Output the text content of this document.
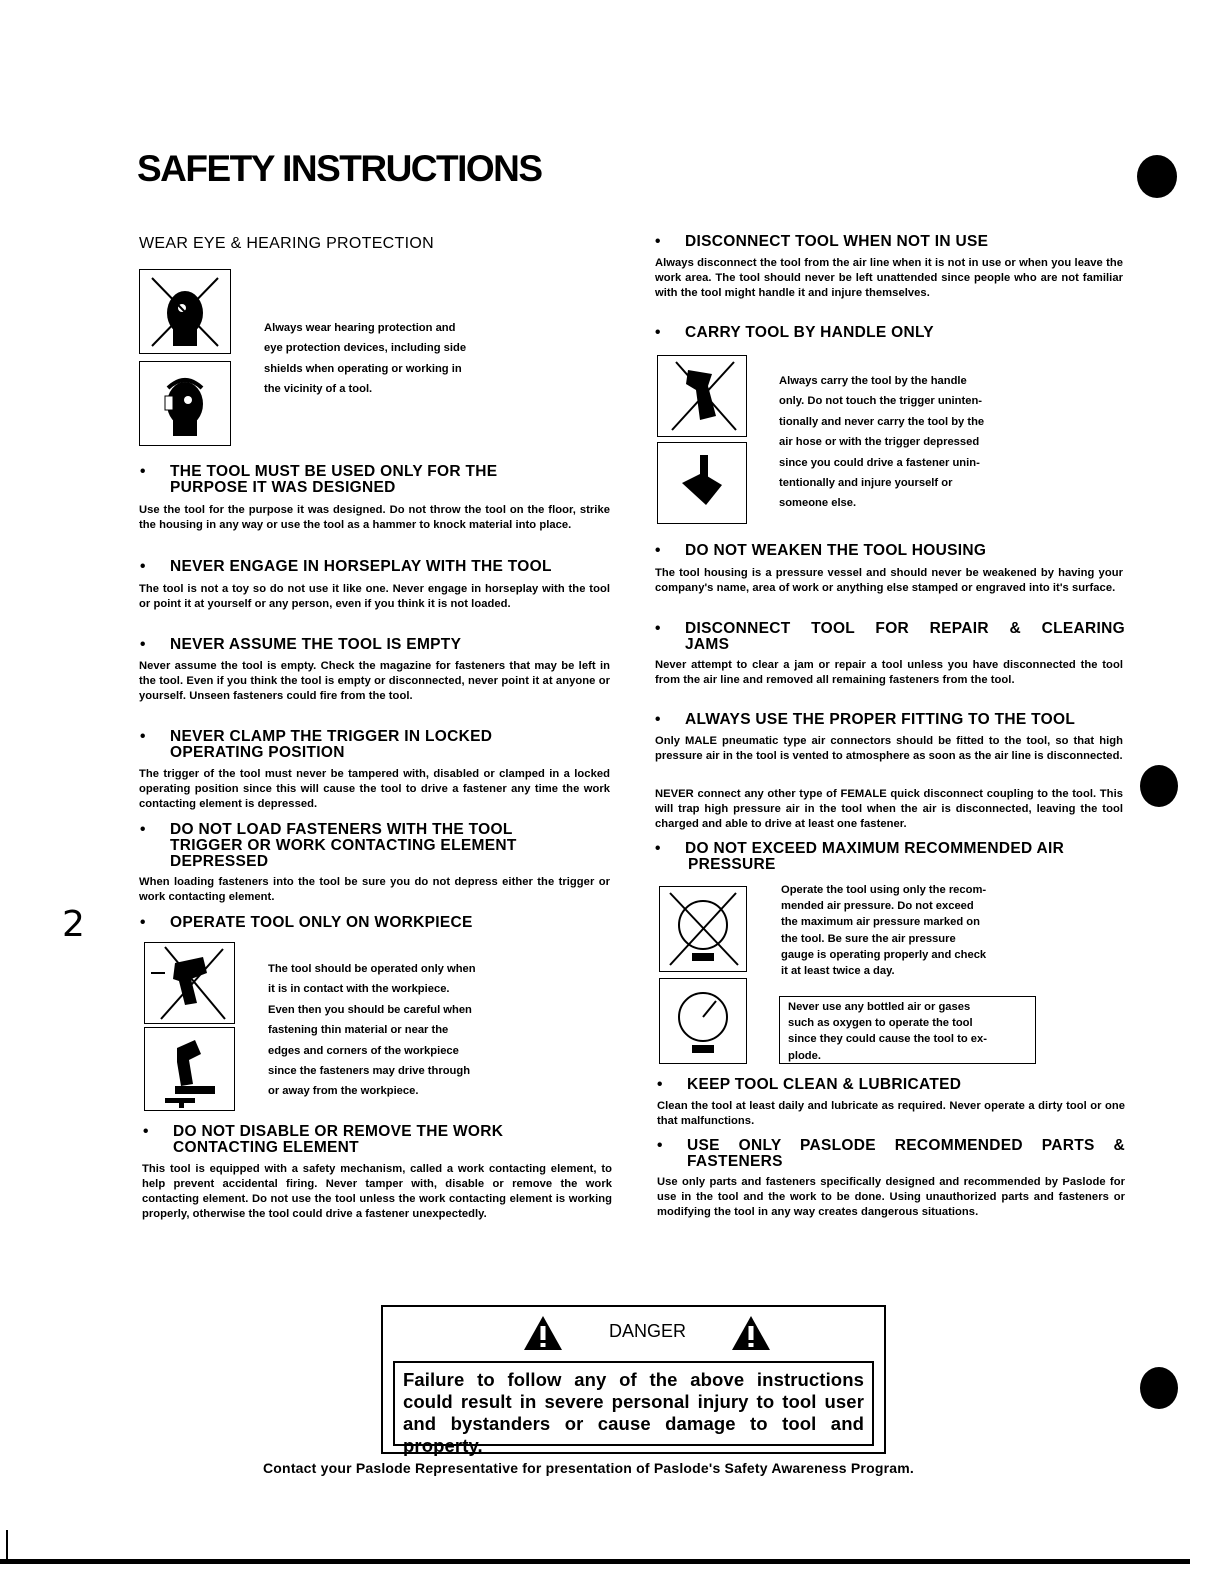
SAFETY INSTRUCTIONS
2
WEAR EYE & HEARING PROTECTION
Always wear hearing protection and
eye protection devices, including side
shields when operating or working in
the vicinity of a tool.
• THE TOOL MUST BE USED ONLY FOR THE
PURPOSE IT WAS DESIGNED
Use the tool for the purpose it was designed. Do not throw the tool on the floor, strike the housing in any way or use the tool as a hammer to knock material into place.
• NEVER ENGAGE IN HORSEPLAY WITH THE TOOL
The tool is not a toy so do not use it like one. Never engage in horseplay with the tool or point it at yourself or any person, even if you think it is not loaded.
• NEVER ASSUME THE TOOL IS EMPTY
Never assume the tool is empty. Check the magazine for fasteners that may be left in the tool. Even if you think the tool is empty or disconnected, never point it at anyone or yourself. Unseen fasteners could fire from the tool.
• NEVER CLAMP THE TRIGGER IN LOCKED
OPERATING POSITION
The trigger of the tool must never be tampered with, disabled or clamped in a locked operating position since this will cause the tool to drive a fastener any time the work contacting element is depressed.
• DO NOT LOAD FASTENERS WITH THE TOOL
TRIGGER OR WORK CONTACTING ELEMENT
DEPRESSED
When loading fasteners into the tool be sure you do not depress either the trigger or work contacting element.
• OPERATE TOOL ONLY ON WORKPIECE
The tool should be operated only when
it is in contact with the workpiece.
Even then you should be careful when
fastening thin material or near the
edges and corners of the workpiece
since the fasteners may drive through
or away from the workpiece.
• DO NOT DISABLE OR REMOVE THE WORK
CONTACTING ELEMENT
This tool is equipped with a safety mechanism, called a work contacting element, to help prevent accidental firing. Never tamper with, disable or remove the work contacting element. Do not use the tool unless the work contacting element is working properly, otherwise the tool could drive a fastener unexpectedly.
• DISCONNECT TOOL WHEN NOT IN USE
Always disconnect the tool from the air line when it is not in use or when you leave the work area. The tool should never be left unattended since people who are not familiar with the tool might handle it and injure themselves.
• CARRY TOOL BY HANDLE ONLY
Always carry the tool by the handle
only. Do not touch the trigger uninten-
tionally and never carry the tool by the
air hose or with the trigger depressed
since you could drive a fastener unin-
tentionally and injure yourself or
someone else.
• DO NOT WEAKEN THE TOOL HOUSING
The tool housing is a pressure vessel and should never be weakened by having your company's name, area of work or anything else stamped or engraved into it's surface.
•	DISCONNECT TOOL FOR REPAIR & CLEARING
JAMS
Never attempt to clear a jam or repair a tool unless you have disconnected the tool from the air line and removed all remaining fasteners from the tool.
• ALWAYS USE THE PROPER FITTING TO THE TOOL
Only MALE pneumatic type air connectors should be fitted to the tool, so that high pressure air in the tool is vented to atmosphere as soon as the air line is disconnected.
NEVER connect any other type of FEMALE quick disconnect coupling to the tool. This will trap high pressure air in the tool when the air is disconnected, leaving the tool charged and able to drive at least one fastener.
• DO NOT EXCEED MAXIMUM RECOMMENDED AIR
PRESSURE
Operate the tool using only the recom-
mended air pressure. Do not exceed
the maximum air pressure marked on
the tool. Be sure the air pressure
gauge is operating properly and check
it at least twice a day.
Never use any bottled air or gases
such as oxygen to operate the tool
since they could cause the tool to ex-
plode.
• KEEP TOOL CLEAN & LUBRICATED
Clean the tool at least daily and lubricate as required. Never operate a dirty tool or one that malfunctions.
•	USE ONLY PASLODE RECOMMENDED PARTS &
FASTENERS
Use only parts and fasteners specifically designed and recommended by Paslode for use in the tool and the work to be done. Using unauthorized parts and fasteners or modifying the tool in any way creates dangerous situations.
DANGER
Failure to follow any of the above instructions could result in severe personal injury to tool user and bystanders or cause damage to tool and property.
Contact your Paslode Representative for presentation of Paslode's Safety Awareness Program.
